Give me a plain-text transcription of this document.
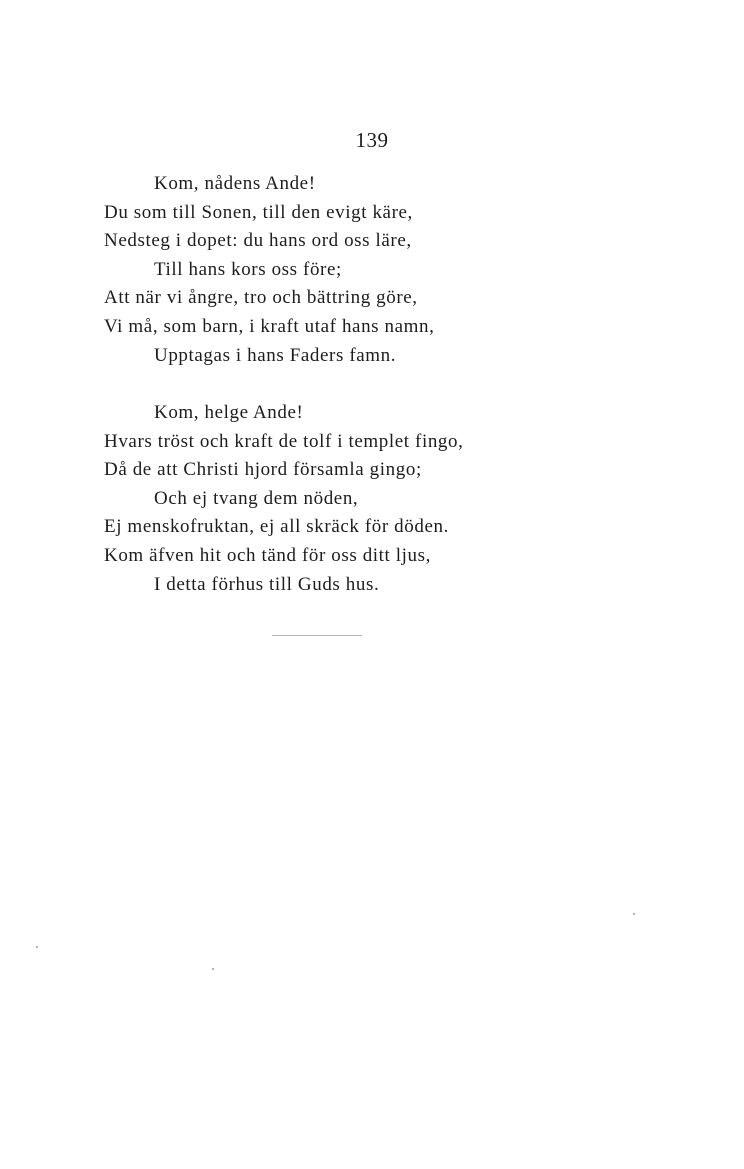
139
Kom, nådens Ande!
Du som till Sonen, till den evigt käre,
Nedsteg i dopet: du hans ord oss läre,
Till hans kors oss före;
Att när vi ångre, tro och bättring göre,
Vi må, som barn, i kraft utaf hans namn,
Upptagas i hans Faders famn.
Kom, helge Ande!
Hvars tröst och kraft de tolf i templet fingo,
Då de att Christi hjord församla gingo;
Och ej tvang dem nöden,
Ej menskofruktan, ej all skräck för döden.
Kom äfven hit och tänd för oss ditt ljus,
I detta förhus till Guds hus.
